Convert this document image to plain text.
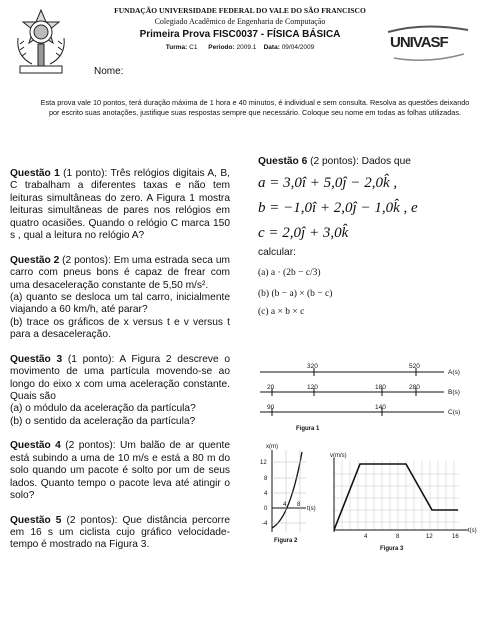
FUNDAÇÃO UNIVERSIDADE FEDERAL DO VALE DO SÃO FRANCISCO
Colegiado Acadêmico de Engenharia de Computação
Primeira Prova FISC0037 - FÍSICA BÁSICA
Turma: C1 Periodo: 2009.1 Data: 09/04/2009	UNIVASF
Nome:
Esta prova vale 10 pontos, terá duração máxima de 1 hora e 40 minutos, é individual e sem consulta. Resolva as questões deixando por escrito suas anotações, justifique suas respostas sempre que necessário. Coloque seu nome em todas as folhas utilizadas.

Questão 1 (1 ponto): Três relógios digitais A, B, C trabalham a diferentes taxas e não tem leituras simultâneas do zero. A Figura 1 mostra leituras simultâneas de pares nos relógios em quatro ocasiões. Quando o relógio C marca 150 s , qual a leitura no relógio A?

Questão 2 (2 pontos): Em uma estrada seca um carro com pneus bons é capaz de frear com uma desaceleração constante de 5,50 m/s².

(a) quanto se desloca um tal carro, inicialmente viajando a 60 km/h, até parar?

(b) trace os gráficos de x versus t e v versus t para a desaceleração.

Questão 3 (1 ponto): A Figura 2 descreve o movimento de uma partícula movendo-se ao longo do eixo x com uma aceleração constante. Quais são

(a) o módulo da aceleração da partícula?

(b) o sentido da aceleração da partícula?

Questão 4 (2 pontos): Um balão de ar quente está subindo a uma de 10 m/s e está a 80 m do solo quando um pacote é solto por um de seus lados. Quanto tempo o pacote leva até atingir o solo?

Questão 5 (2 pontos): Que distância percorre em 16 s um ciclista cujo gráfico velocidade-tempo é mostrado na Figura 3.

Questão 6 (2 pontos): Dados que

a = 3,0î + 5,0ĵ − 2,0k̂ ,
b = −1,0î + 2,0ĵ − 1,0k̂ , e
c = 2,0ĵ + 3,0k̂

calcular:

(a) a · (2b − c/3)

(b) (b − a) × (b − c)

(c) a × b × c

320	520
20	120	180	280
90	140
A(s)
B(s)
C(s)
Figura 1
x(m)
t(s)
12
8
4
0
-4
4 8
Figura 2
v(m/s)
t(s)
4	8	12	16
Figura 3
